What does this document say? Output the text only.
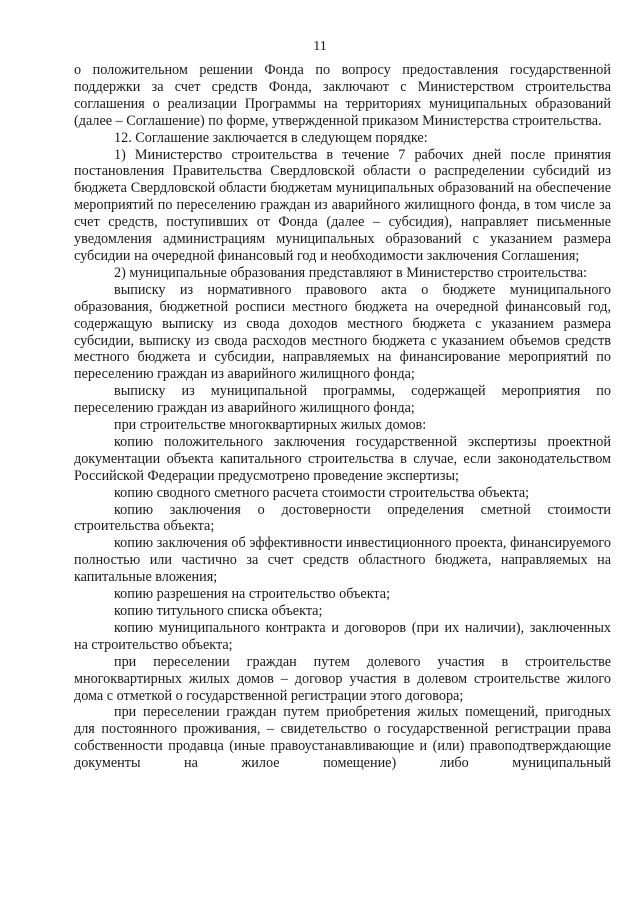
11

о положительном решении Фонда по вопросу предоставления государственной поддержки за счет средств Фонда, заключают с Министерством строительства соглашения о реализации Программы на территориях муниципальных образований (далее – Соглашение) по форме, утвержденной приказом Министерства строительства.

12. Соглашение заключается в следующем порядке:

1) Министерство строительства в течение 7 рабочих дней после принятия постановления Правительства Свердловской области о распределении субсидий из бюджета Свердловской области бюджетам муниципальных образований на обеспечение мероприятий по переселению граждан из аварийного жилищного фонда, в том числе за счет средств, поступивших от Фонда (далее – субсидия), направляет письменные уведомления администрациям муниципальных образований с указанием размера субсидии на очередной финансовый год и необходимости заключения Соглашения;

2) муниципальные образования представляют в Министерство строительства:

выписку из нормативного правового акта о бюджете муниципального образования, бюджетной росписи местного бюджета на очередной финансовый год, содержащую выписку из свода доходов местного бюджета с указанием размера субсидии, выписку из свода расходов местного бюджета с указанием объемов средств местного бюджета и субсидии, направляемых на финансирование мероприятий по переселению граждан из аварийного жилищного фонда;

выписку из муниципальной программы, содержащей мероприятия по переселению граждан из аварийного жилищного фонда;

при строительстве многоквартирных жилых домов:

копию положительного заключения государственной экспертизы проектной документации объекта капитального строительства в случае, если законодательством Российской Федерации предусмотрено проведение экспертизы;

копию сводного сметного расчета стоимости строительства объекта;

копию заключения о достоверности определения сметной стоимости строительства объекта;

копию заключения об эффективности инвестиционного проекта, финансируемого полностью или частично за счет средств областного бюджета, направляемых на капитальные вложения;

копию разрешения на строительство объекта;

копию титульного списка объекта;

копию муниципального контракта и договоров (при их наличии), заключенных на строительство объекта;

при переселении граждан путем долевого участия в строительстве многоквартирных жилых домов – договор участия в долевом строительстве жилого дома с отметкой о государственной регистрации этого договора;

при переселении граждан путем приобретения жилых помещений, пригодных для постоянного проживания, – свидетельство о государственной регистрации права собственности продавца (иные правоустанавливающие и (или) правоподтверждающие документы на жилое помещение) либо муниципальный
